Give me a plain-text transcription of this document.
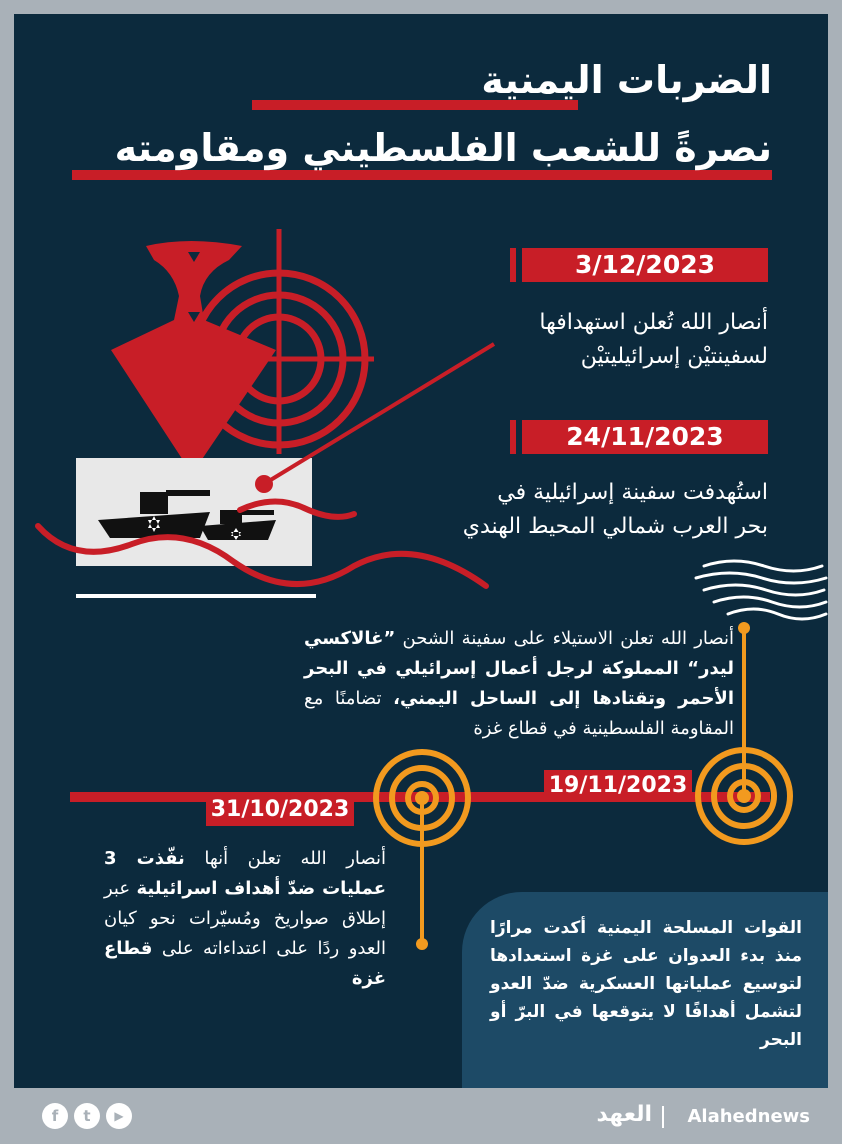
الضربات اليمنية
نصرةً للشعب الفلسطيني ومقاومته
3/12/2023
أنصار الله تُعلن استهدافها
لسفينتيْن إسرائيليتيْن
24/11/2023
استُهدفت سفينة إسرائيلية في
بحر العرب شمالي المحيط الهندي
أنصار الله تعلن الاستيلاء على سفينة الشحن ”غالاكسي ليدر“ المملوكة لرجل أعمال إسرائيلي في البحر الأحمر وتقتادها إلى الساحل اليمني، تضامنًا مع المقاومة الفلسطينية في قطاع غزة
19/11/2023
31/10/2023
أنصار الله تعلن أنها نفّذت 3 عمليات ضدّ أهداف اسرائيلية عبر إطلاق صواريخ ومُسيّرات نحو كيان العدو ردًا على اعتداءاته على قطاع غزة
القوات المسلحة اليمنية أكدت مرارًا منذ بدء العدوان على غزة استعدادها لتوسيع عملياتها العسكرية ضدّ العدو لتشمل أهدافًا لا يتوقعها في البرّ أو البحر
f	t	▶	العهد Alahednews
